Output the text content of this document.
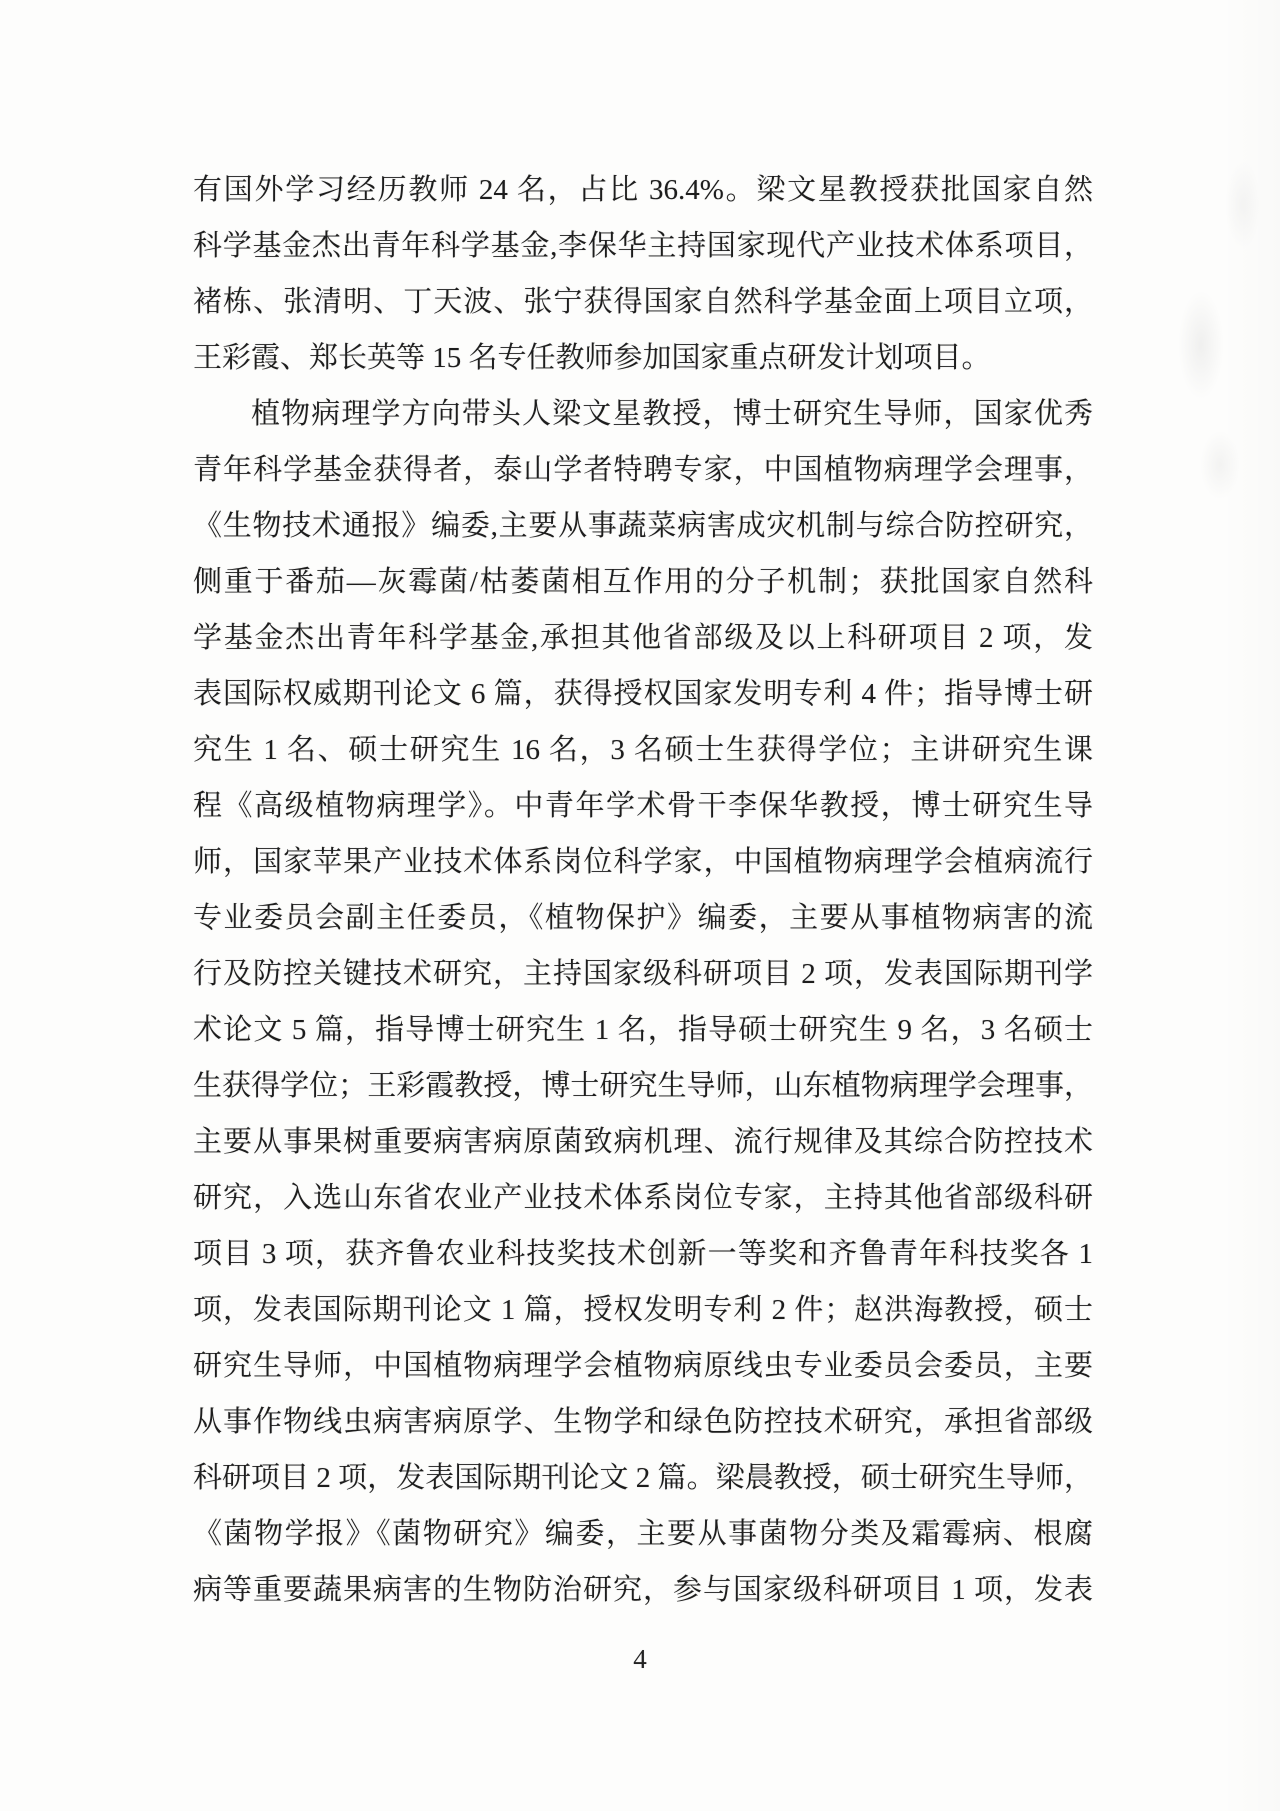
有国外学习经历教师 24 名，占比 36.4%。梁文星教授获批国家自然
科学基金杰出青年科学基金,李保华主持国家现代产业技术体系项目，
褚栋、张清明、丁天波、张宁获得国家自然科学基金面上项目立项，
王彩霞、郑长英等 15 名专任教师参加国家重点研发计划项目。
植物病理学方向带头人梁文星教授，博士研究生导师，国家优秀
青年科学基金获得者，泰山学者特聘专家，中国植物病理学会理事，
《生物技术通报》编委,主要从事蔬菜病害成灾机制与综合防控研究，
侧重于番茄—灰霉菌/枯萎菌相互作用的分子机制；获批国家自然科
学基金杰出青年科学基金,承担其他省部级及以上科研项目 2 项，发
表国际权威期刊论文 6 篇，获得授权国家发明专利 4 件；指导博士研
究生 1 名、硕士研究生 16 名，3 名硕士生获得学位；主讲研究生课
程《高级植物病理学》。中青年学术骨干李保华教授，博士研究生导
师，国家苹果产业技术体系岗位科学家，中国植物病理学会植病流行
专业委员会副主任委员，《植物保护》编委，主要从事植物病害的流
行及防控关键技术研究，主持国家级科研项目 2 项，发表国际期刊学
术论文 5 篇，指导博士研究生 1 名，指导硕士研究生 9 名，3 名硕士
生获得学位；王彩霞教授，博士研究生导师，山东植物病理学会理事，
主要从事果树重要病害病原菌致病机理、流行规律及其综合防控技术
研究，入选山东省农业产业技术体系岗位专家，主持其他省部级科研
项目 3 项，获齐鲁农业科技奖技术创新一等奖和齐鲁青年科技奖各 1
项，发表国际期刊论文 1 篇，授权发明专利 2 件；赵洪海教授，硕士
研究生导师，中国植物病理学会植物病原线虫专业委员会委员，主要
从事作物线虫病害病原学、生物学和绿色防控技术研究，承担省部级
科研项目 2 项，发表国际期刊论文 2 篇。梁晨教授，硕士研究生导师，
《菌物学报》《菌物研究》编委，主要从事菌物分类及霜霉病、根腐
病等重要蔬果病害的生物防治研究，参与国家级科研项目 1 项，发表
4
